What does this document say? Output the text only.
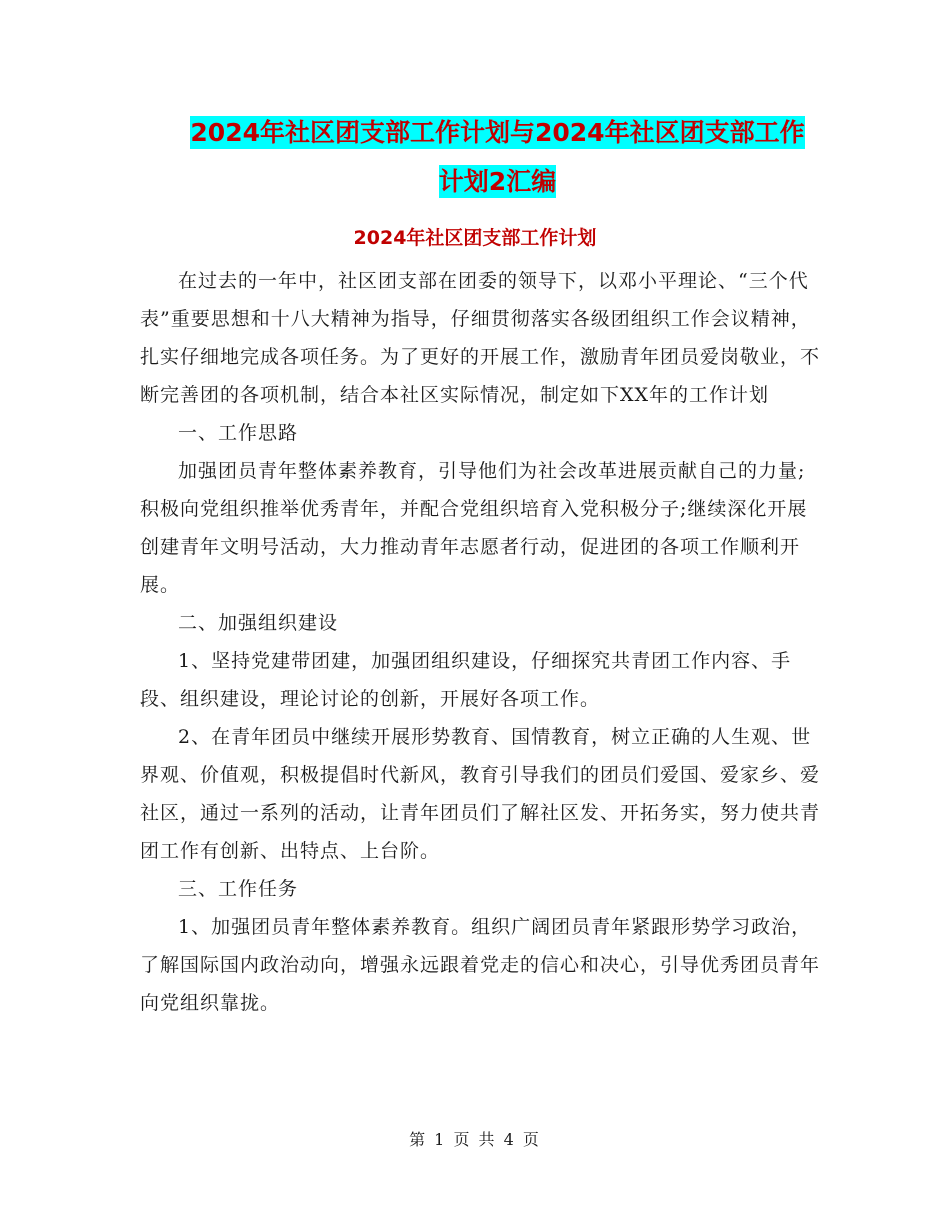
2024年社区团支部工作计划与2024年社区团支部工作
计划2汇编
2024年社区团支部工作计划

在过去的一年中，社区团支部在团委的领导下，以邓小平理论、“三个代表”重要思想和十八大精神为指导，仔细贯彻落实各级团组织工作会议精神，扎实仔细地完成各项任务。为了更好的开展工作，激励青年团员爱岗敬业，不断完善团的各项机制，结合本社区实际情况，制定如下XX年的工作计划

一、工作思路

加强团员青年整体素养教育，引导他们为社会改革进展贡献自己的力量;积极向党组织推举优秀青年，并配合党组织培育入党积极分子;继续深化开展创建青年文明号活动，大力推动青年志愿者行动，促进团的各项工作顺利开展。

二、加强组织建设

1、坚持党建带团建，加强团组织建设，仔细探究共青团工作内容、手段、组织建设，理论讨论的创新，开展好各项工作。

2、在青年团员中继续开展形势教育、国情教育，树立正确的人生观、世界观、价值观，积极提倡时代新风，教育引导我们的团员们爱国、爱家乡、爱社区，通过一系列的活动，让青年团员们了解社区发、开拓务实，努力使共青团工作有创新、出特点、上台阶。

三、工作任务

1、加强团员青年整体素养教育。组织广阔团员青年紧跟形势学习政治，了解国际国内政治动向，增强永远跟着党走的信心和决心，引导优秀团员青年向党组织靠拢。

第 1 页 共 4 页
